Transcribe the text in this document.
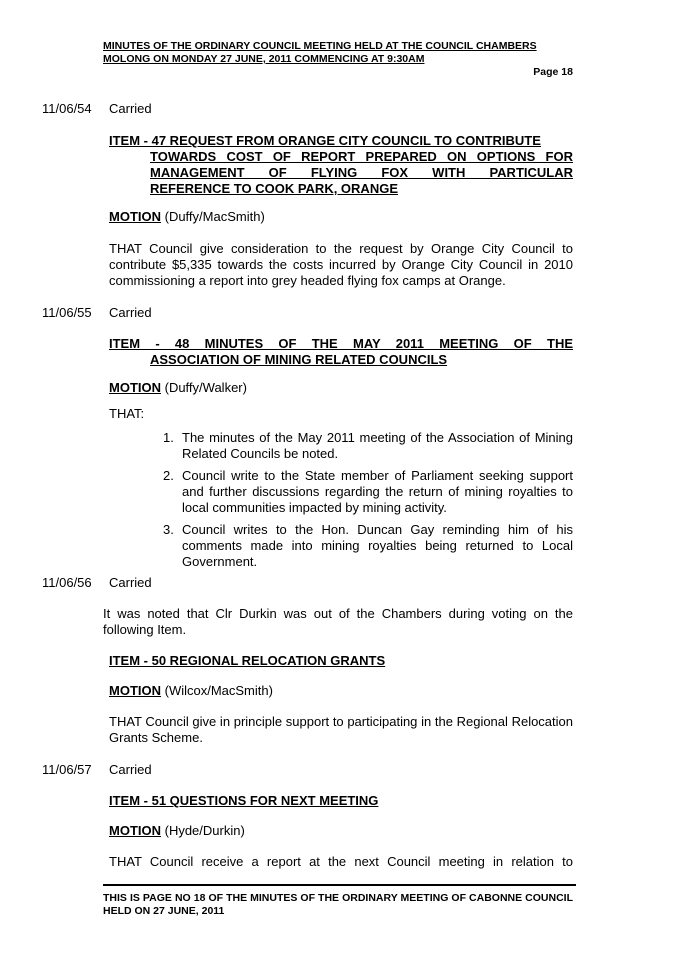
MINUTES OF THE ORDINARY COUNCIL MEETING HELD AT THE COUNCIL CHAMBERS MOLONG ON MONDAY 27 JUNE, 2011 COMMENCING AT 9:30AM
Page 18
11/06/54	Carried
ITEM - 47 REQUEST FROM ORANGE CITY COUNCIL TO CONTRIBUTE
TOWARDS COST OF REPORT PREPARED ON OPTIONS FOR
MANAGEMENT OF FLYING FOX WITH PARTICULAR
REFERENCE TO COOK PARK, ORANGE
MOTION (Duffy/MacSmith)
THAT Council give consideration to the request by Orange City Council to contribute $5,335 towards the costs incurred by Orange City Council in 2010 commissioning a report into grey headed flying fox camps at Orange.
11/06/55	Carried
ITEM - 48 MINUTES OF THE MAY 2011 MEETING OF THE
ASSOCIATION OF MINING RELATED COUNCILS
MOTION (Duffy/Walker)
THAT:
1. The minutes of the May 2011 meeting of the Association of Mining Related Councils be noted.
2. Council write to the State member of Parliament seeking support and further discussions regarding the return of mining royalties to local communities impacted by mining activity.
3. Council writes to the Hon. Duncan Gay reminding him of his comments made into mining royalties being returned to Local Government.
11/06/56	Carried
It was noted that Clr Durkin was out of the Chambers during voting on the following Item.
ITEM - 50 REGIONAL RELOCATION GRANTS
MOTION (Wilcox/MacSmith)
THAT Council give in principle support to participating in the Regional Relocation Grants Scheme.
11/06/57	Carried
ITEM - 51 QUESTIONS FOR NEXT MEETING
MOTION (Hyde/Durkin)
THAT Council receive a report at the next Council meeting in relation to
THIS IS PAGE NO 18 OF THE MINUTES OF THE ORDINARY MEETING OF CABONNE COUNCIL HELD ON 27 JUNE, 2011
